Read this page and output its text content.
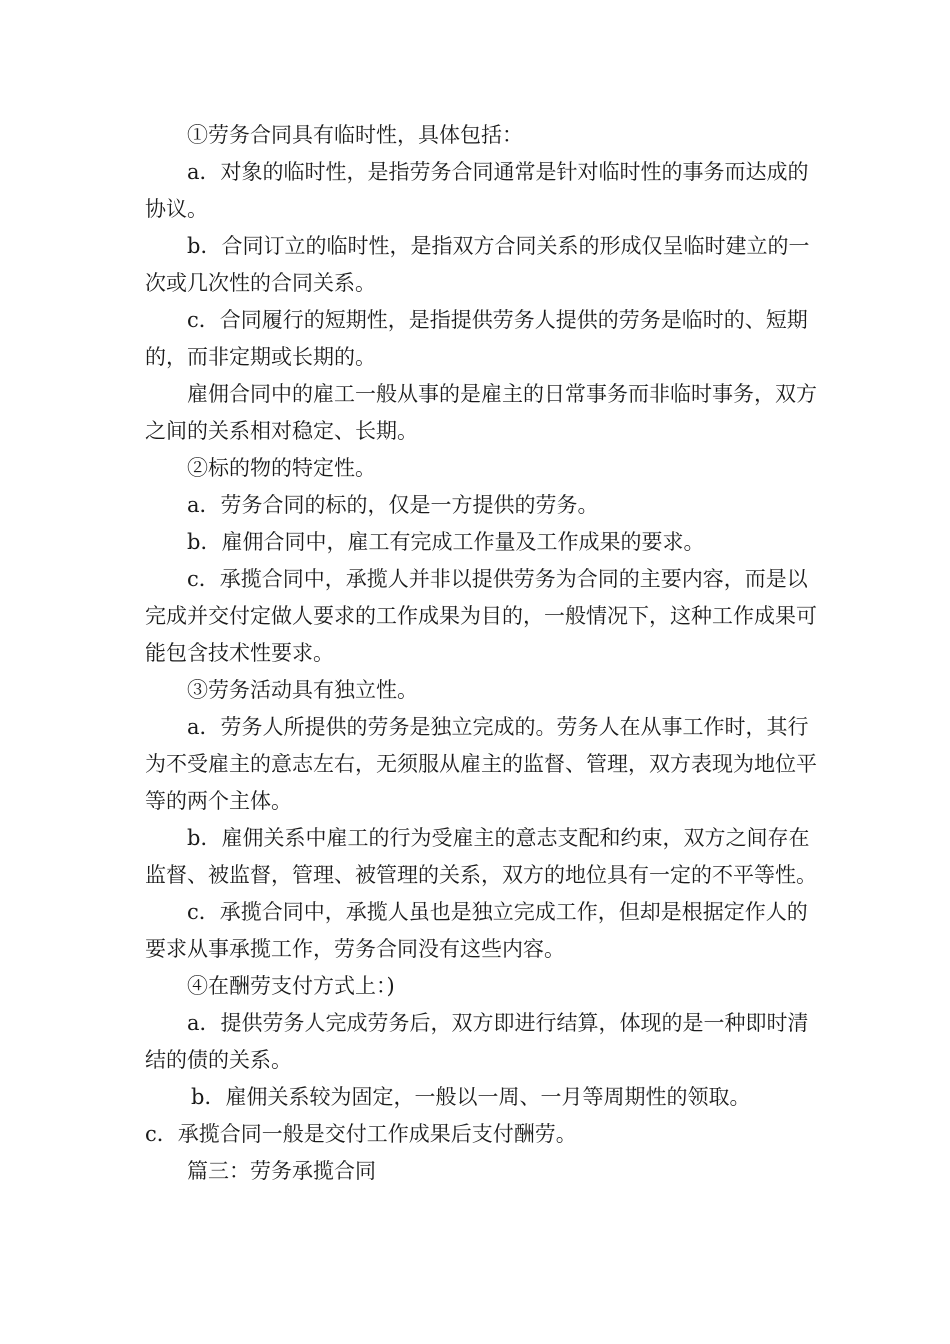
①劳务合同具有临时性，具体包括：

a．对象的临时性，是指劳务合同通常是针对临时性的事务而达成的协议。

b．合同订立的临时性，是指双方合同关系的形成仅呈临时建立的一次或几次性的合同关系。

c．合同履行的短期性，是指提供劳务人提供的劳务是临时的、短期的，而非定期或长期的。

雇佣合同中的雇工一般从事的是雇主的日常事务而非临时事务，双方之间的关系相对稳定、长期。

②标的物的特定性。

a．劳务合同的标的，仅是一方提供的劳务。

b．雇佣合同中，雇工有完成工作量及工作成果的要求。

c．承揽合同中，承揽人并非以提供劳务为合同的主要内容，而是以完成并交付定做人要求的工作成果为目的，一般情况下，这种工作成果可能包含技术性要求。

③劳务活动具有独立性。

a．劳务人所提供的劳务是独立完成的。劳务人在从事工作时，其行为不受雇主的意志左右，无须服从雇主的监督、管理，双方表现为地位平等的两个主体。

b．雇佣关系中雇工的行为受雇主的意志支配和约束，双方之间存在监督、被监督，管理、被管理的关系，双方的地位具有一定的不平等性。

c．承揽合同中，承揽人虽也是独立完成工作，但却是根据定作人的要求从事承揽工作，劳务合同没有这些内容。

④在酬劳支付方式上：)

a．提供劳务人完成劳务后，双方即进行结算，体现的是一种即时清结的债的关系。

b．雇佣关系较为固定，一般以一周、一月等周期性的领取。

c．承揽合同一般是交付工作成果后支付酬劳。

篇三：劳务承揽合同
